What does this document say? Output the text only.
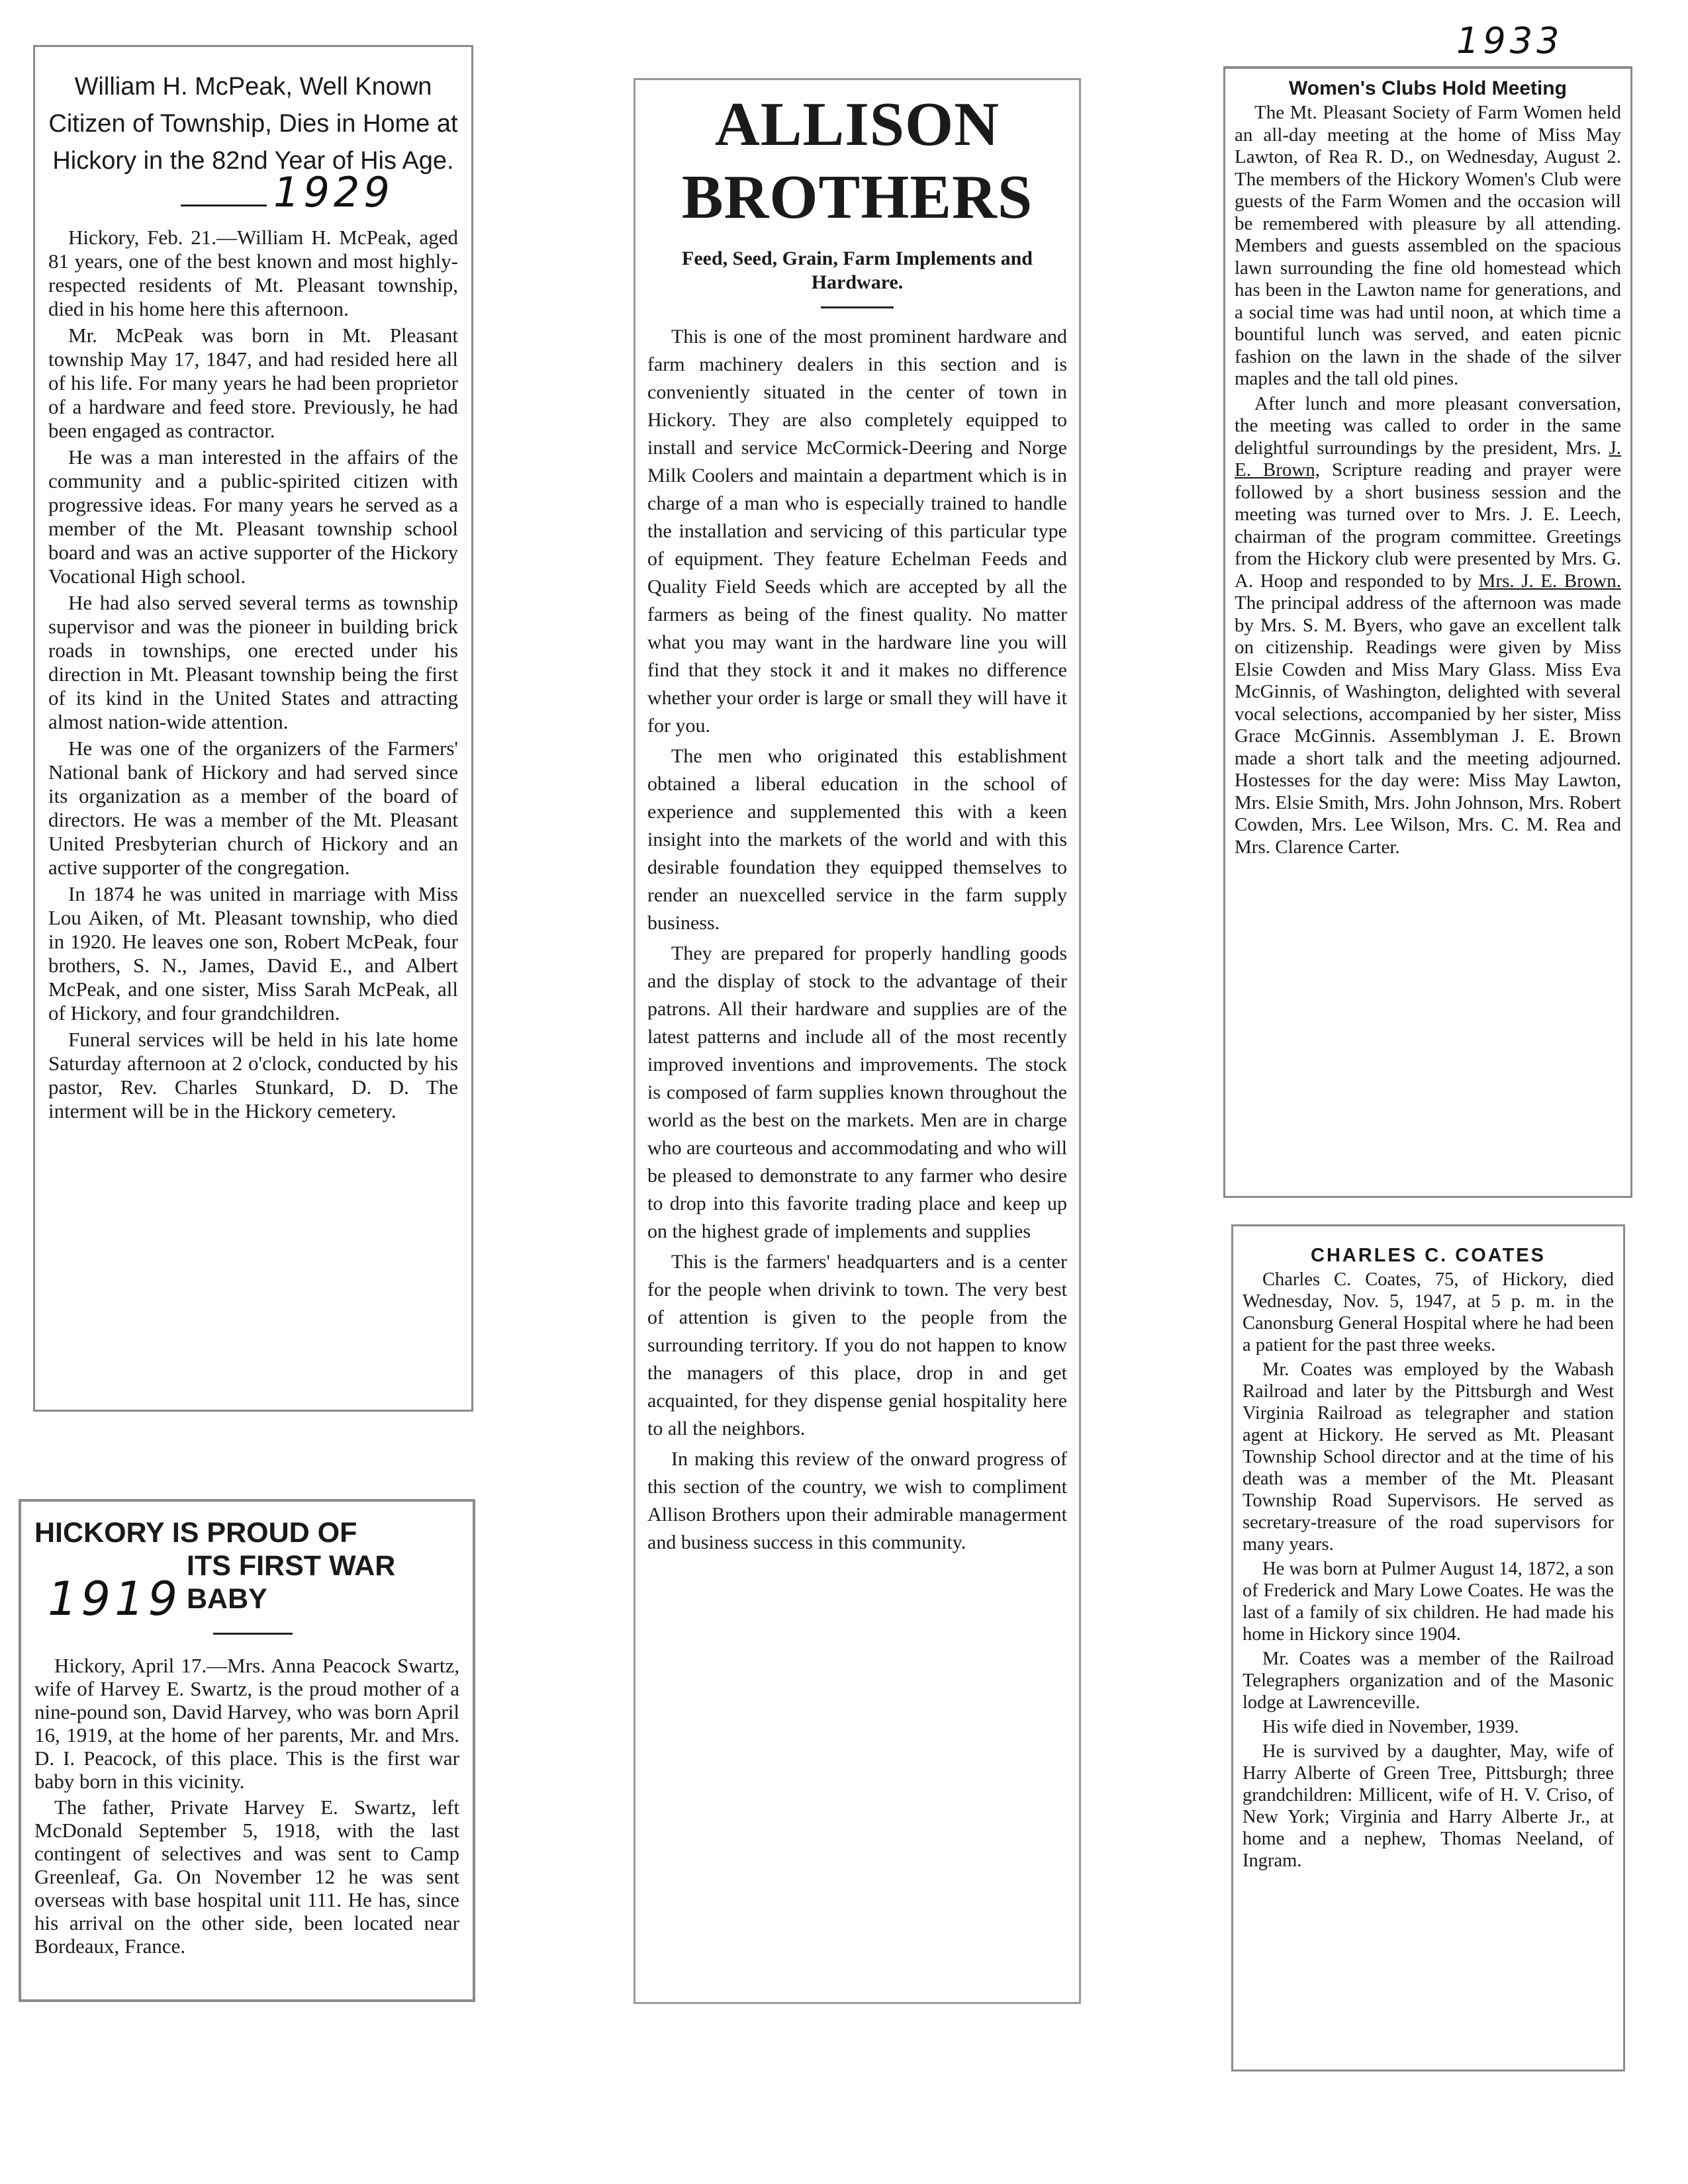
1933
William H. McPeak, Well Known Citizen of Township, Dies in Home at Hickory in the 82nd Year of His Age.
1929

Hickory, Feb. 21.—William H. McPeak, aged 81 years, one of the best known and most highly-respected residents of Mt. Pleasant township, died in his home here this afternoon.

Mr. McPeak was born in Mt. Pleasant township May 17, 1847, and had resided here all of his life. For many years he had been proprietor of a hardware and feed store. Previously, he had been engaged as contractor.

He was a man interested in the affairs of the community and a public-spirited citizen with progressive ideas. For many years he served as a member of the Mt. Pleasant township school board and was an active supporter of the Hickory Vocational High school.

He had also served several terms as township supervisor and was the pioneer in building brick roads in townships, one erected under his direction in Mt. Pleasant township being the first of its kind in the United States and attracting almost nation-wide attention.

He was one of the organizers of the Farmers' National bank of Hickory and had served since its organization as a member of the board of directors. He was a member of the Mt. Pleasant United Presbyterian church of Hickory and an active supporter of the congregation.

In 1874 he was united in marriage with Miss Lou Aiken, of Mt. Pleasant township, who died in 1920. He leaves one son, Robert McPeak, four brothers, S. N., James, David E., and Albert McPeak, and one sister, Miss Sarah McPeak, all of Hickory, and four grandchildren.

Funeral services will be held in his late home Saturday afternoon at 2 o'clock, conducted by his pastor, Rev. Charles Stunkard, D. D. The interment will be in the Hickory cemetery.

HICKORY IS PROUD OF
ITS FIRST WAR BABY
1919

Hickory, April 17.—Mrs. Anna Peacock Swartz, wife of Harvey E. Swartz, is the proud mother of a nine-pound son, David Harvey, who was born April 16, 1919, at the home of her parents, Mr. and Mrs. D. I. Peacock, of this place. This is the first war baby born in this vicinity.

The father, Private Harvey E. Swartz, left McDonald September 5, 1918, with the last contingent of selectives and was sent to Camp Greenleaf, Ga. On November 12 he was sent overseas with base hospital unit 111. He has, since his arrival on the other side, been located near Bordeaux, France.

ALLISON
BROTHERS
Feed, Seed, Grain, Farm Implements and Hardware.

This is one of the most prominent hardware and farm machinery dealers in this section and is conveniently situated in the center of town in Hickory. They are also completely equipped to install and service McCormick-Deering and Norge Milk Coolers and maintain a department which is in charge of a man who is especially trained to handle the installation and servicing of this particular type of equipment. They feature Echelman Feeds and Quality Field Seeds which are accepted by all the farmers as being of the finest quality. No matter what you may want in the hardware line you will find that they stock it and it makes no difference whether your order is large or small they will have it for you.

The men who originated this establishment obtained a liberal education in the school of experience and supplemented this with a keen insight into the markets of the world and with this desirable foundation they equipped themselves to render an nuexcelled service in the farm supply business.

They are prepared for properly handling goods and the display of stock to the advantage of their patrons. All their hardware and supplies are of the latest patterns and include all of the most recently improved inventions and improvements. The stock is composed of farm supplies known throughout the world as the best on the markets. Men are in charge who are courteous and accommodating and who will be pleased to demonstrate to any farmer who desire to drop into this favorite trading place and keep up on the highest grade of implements and supplies

This is the farmers' headquarters and is a center for the people when drivink to town. The very best of attention is given to the people from the surrounding territory. If you do not happen to know the managers of this place, drop in and get acquainted, for they dispense genial hospitality here to all the neighbors.

In making this review of the onward progress of this section of the country, we wish to compliment Allison Brothers upon their admirable managerment and business success in this community.

Women's Clubs Hold Meeting

The Mt. Pleasant Society of Farm Women held an all-day meeting at the home of Miss May Lawton, of Rea R. D., on Wednesday, August 2. The members of the Hickory Women's Club were guests of the Farm Women and the occasion will be remembered with pleasure by all attending. Members and guests assembled on the spacious lawn surrounding the fine old homestead which has been in the Lawton name for generations, and a social time was had until noon, at which time a bountiful lunch was served, and eaten picnic fashion on the lawn in the shade of the silver maples and the tall old pines.

After lunch and more pleasant conversation, the meeting was called to order in the same delightful surroundings by the president, Mrs. J. E. Brown, Scripture reading and prayer were followed by a short business session and the meeting was turned over to Mrs. J. E. Leech, chairman of the program committee. Greetings from the Hickory club were presented by Mrs. G. A. Hoop and responded to by Mrs. J. E. Brown. The principal address of the afternoon was made by Mrs. S. M. Byers, who gave an excellent talk on citizenship. Readings were given by Miss Elsie Cowden and Miss Mary Glass. Miss Eva McGinnis, of Washington, delighted with several vocal selections, accompanied by her sister, Miss Grace McGinnis. Assemblyman J. E. Brown made a short talk and the meeting adjourned. Hostesses for the day were: Miss May Lawton, Mrs. Elsie Smith, Mrs. John Johnson, Mrs. Robert Cowden, Mrs. Lee Wilson, Mrs. C. M. Rea and Mrs. Clarence Carter.

CHARLES C. COATES

Charles C. Coates, 75, of Hickory, died Wednesday, Nov. 5, 1947, at 5 p. m. in the Canonsburg General Hospital where he had been a patient for the past three weeks.

Mr. Coates was employed by the Wabash Railroad and later by the Pittsburgh and West Virginia Railroad as telegrapher and station agent at Hickory. He served as Mt. Pleasant Township School director and at the time of his death was a member of the Mt. Pleasant Township Road Supervisors. He served as secretary-treasure of the road supervisors for many years.

He was born at Pulmer August 14, 1872, a son of Frederick and Mary Lowe Coates. He was the last of a family of six children. He had made his home in Hickory since 1904.

Mr. Coates was a member of the Railroad Telegraphers organization and of the Masonic lodge at Lawrenceville.

His wife died in November, 1939.

He is survived by a daughter, May, wife of Harry Alberte of Green Tree, Pittsburgh; three grandchildren: Millicent, wife of H. V. Criso, of New York; Virginia and Harry Alberte Jr., at home and a nephew, Thomas Neeland, of Ingram.
